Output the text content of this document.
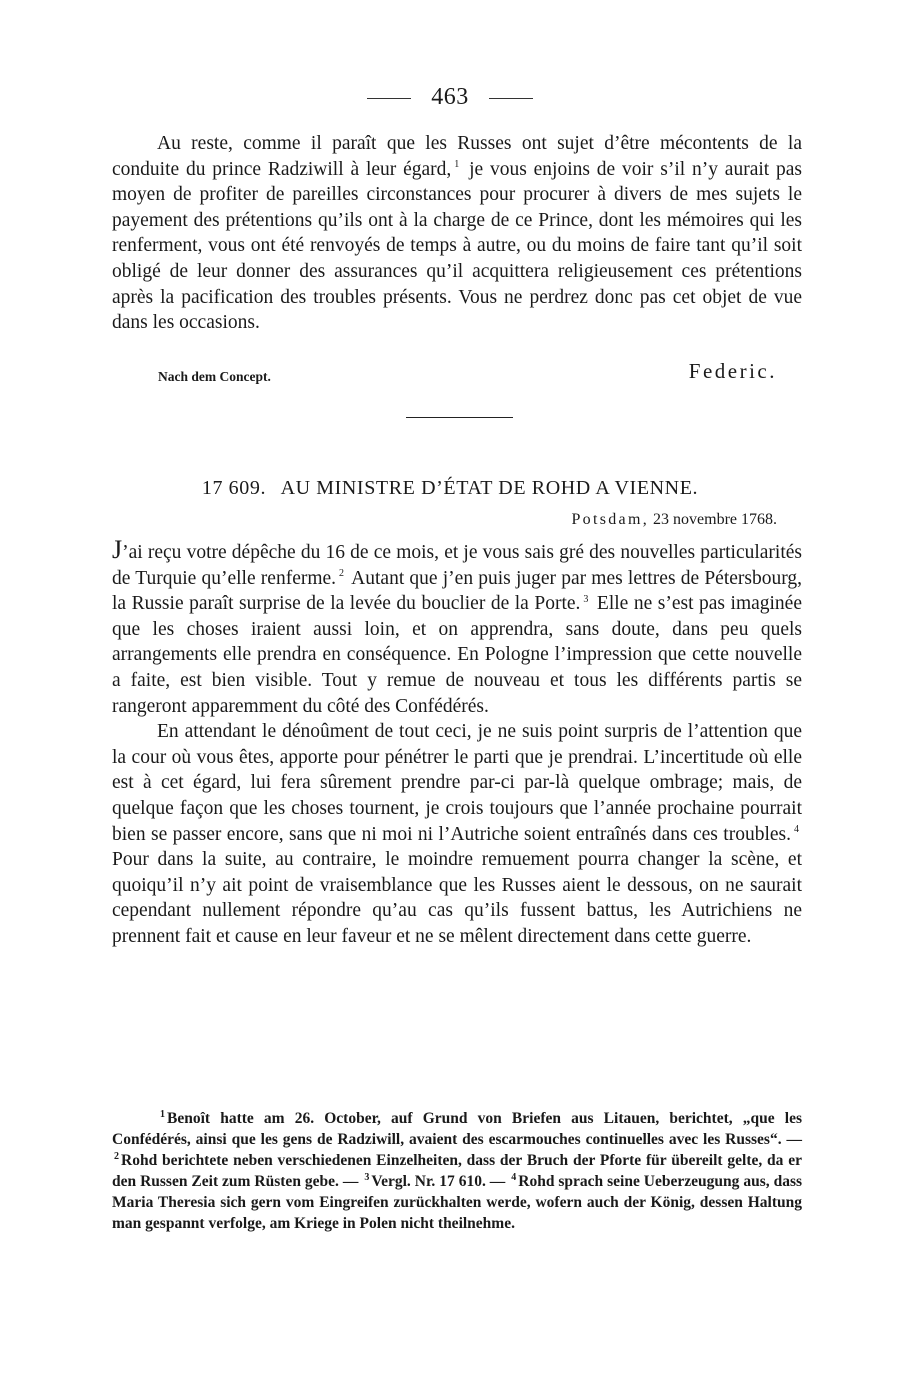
463

Au reste, comme il paraît que les Russes ont sujet d’être mécontents de la conduite du prince Radziwill à leur égard, $^1$ je vous enjoins de voir s’il n’y aurait pas moyen de profiter de pareilles circonstances pour procurer à divers de mes sujets le payement des prétentions qu’ils ont à la charge de ce Prince, dont les mémoires qui les renferment, vous ont été renvoyés de temps à autre, ou du moins de faire tant qu’il soit obligé de leur donner des assurances qu’il acquittera religieusement ces prétentions après la pacification des troubles présents. Vous ne perdrez donc pas cet objet de vue dans les occasions.

Nach dem Concept.	Federic.
17 609. AU MINISTRE D’ÉTAT DE ROHD A VIENNE.
Potsdam, 23 novembre 1768.

J’ai reçu votre dépêche du 16 de ce mois, et je vous sais gré des nouvelles particularités de Turquie qu’elle renferme. $^2$ Autant que j’en puis juger par mes lettres de Pétersbourg, la Russie paraît surprise de la levée du bouclier de la Porte. $^3$ Elle ne s’est pas imaginée que les choses iraient aussi loin, et on apprendra, sans doute, dans peu quels arrangements elle prendra en conséquence. En Pologne l’impression que cette nouvelle a faite, est bien visible. Tout y remue de nouveau et tous les différents partis se rangeront apparemment du côté des Confédérés.

En attendant le dénoûment de tout ceci, je ne suis point surpris de l’attention que la cour où vous êtes, apporte pour pénétrer le parti que je prendrai. L’incertitude où elle est à cet égard, lui fera sûrement prendre par-ci par-là quelque ombrage; mais, de quelque façon que les choses tournent, je crois toujours que l’année prochaine pourrait bien se passer encore, sans que ni moi ni l’Autriche soient entraînés dans ces troubles. $^4$ Pour dans la suite, au contraire, le moindre remuement pourra changer la scène, et quoiqu’il n’y ait point de vraisemblance que les Russes aient le dessous, on ne saurait cependant nullement répondre qu’au cas qu’ils fussent battus, les Autrichiens ne prennent fait et cause en leur faveur et ne se mêlent directement dans cette guerre.

$^1$ Benoît hatte am 26. October, auf Grund von Briefen aus Litauen, berichtet, „que les Confédérés, ainsi que les gens de Radziwill, avaient des escarmouches continuelles avec les Russes“. — $^2$ Rohd berichtete neben verschiedenen Einzelheiten, dass der Bruch der Pforte für übereilt gelte, da er den Russen Zeit zum Rüsten gebe. — $^3$ Vergl. Nr. 17 610. — $^4$ Rohd sprach seine Ueberzeugung aus, dass Maria Theresia sich gern vom Eingreifen zurückhalten werde, wofern auch der König, dessen Haltung man gespannt verfolge, am Kriege in Polen nicht theilnehme.
